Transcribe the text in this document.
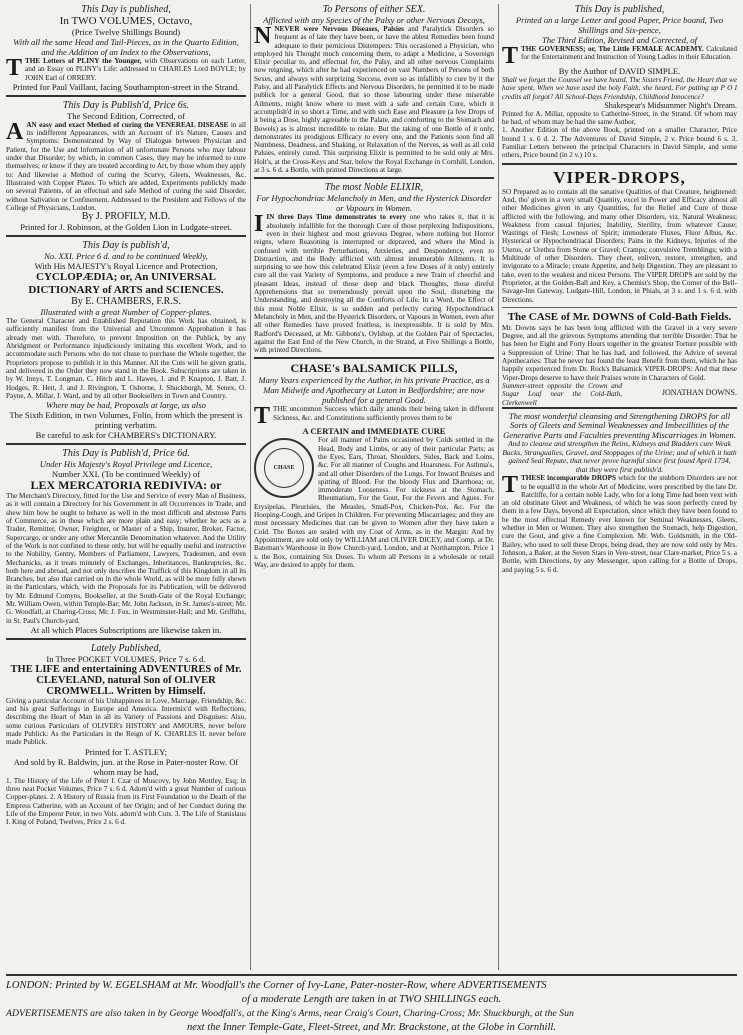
This Day is published,
In TWO VOLUMES, Octavo,
(Price Twelve Shillings Bound)
With all the same Head and Tail-Pieces, as in the Quarto Edition, and the Addition of an Index to the Observations,
T THE Letters of PLINY the Younger, with Observations on each Letter, and an Essay on PLINY's Life: addressed to CHARLES Lord BOYLE; by JOHN Earl of ORRERY.
Printed for Paul Vaillant, facing Southampton-street in the Strand.
This Day is Publish'd, Price 6s.
The Second Edition, Corrected, of
A AN easy and exact Method of curing the VENEREAL DISEASE in all its indifferent Appearances, with an Account of it's Nature, Causes and Symptoms: Demonstrated by Way of Dialogue between Physician and Patient, for the Use and Information of all unfortunate Persons who may labour under that Disorder; by which, in common Cases, they may be informed to cure themselves; or know if they are treated according to Art, by those whom they apply to: And likewise a Method of curing the Scurvy, Gleets, Weaknesses, &c. Illustrated with Copper Plates. To which are added, Experiments publickly made on several Patients, of an effectual and safe Method of curing the said Disorder, without Salivation or Confinement. Addressed to the President and Fellows of the College of Physicians, London.
By J. PROFILY, M.D.
Printed for J. Robinson, at the Golden Lion in Ludgate-street.
This Day is publish'd,
No. XXI. Price 6 d. and to be continued Weekly,
With His MAJESTY's Royal Licence and Protection,
CYCLOPÆDIA; or, An UNIVERSAL DICTIONARY of ARTS and SCIENCES.
By E. CHAMBERS, F.R.S.
Illustrated with a great Number of Copper-plates.
The General Character and Established Reputation this Work has obtained, is sufficiently manifest from the Universal and Uncommon Approbation it has already met with. Therefore, to prevent Imposition on the Publick, by any Abridgment or Performance injudiciously imitating this excellent Work, and to accommodate such Persons who do not chuse to purchase the Whole together, the Proprietors propose to publish it in this Manner. All the Cuts will be given gratis, and delivered in the Order they now stand in the Book. Subscriptions are taken in by W. Innys, T. Longman, C. Hitch and L. Hawes, J. and P. Knapton, J. Batt, J. Hodges, R. Hett, J. and J. Rivington, T. Osborne, J. Shuckburgh, M. Senex, O. Payne, A. Millar, J. Ward, and by all other Booksellers in Town and Country.
Where may be had, Proposals at large, as also
The Sixth Edition, in two Volumes, Folio, from which the present is printing verbatim.
Be careful to ask for CHAMBERS's DICTIONARY.
This Day is Publish'd, Price 6d.
Under His Majesty's Royal Privilege and Licence,
Number XXI. (To be continued Weekly) of
LEX MERCATORIA REDIVIVA: or
The Merchant's Directory, fitted for the Use and Service of every Man of Business, as it will contain a Directory for his Government in all Occurrences in Trade, and shew him how he ought to behave as well in the most difficult and abstruse Parts of Commerce, as in those which are more plain and easy; whether he acts as a Trader, Remitter, Owner, Freighter, or Master of a Ship, Insurer, Broker, Factor, Supercargo, or under any other Mercantile Denomination whatever. And the Utility of the Work is not confined to these only, but will be equally useful and instructive to the Nobility, Gentry, Members of Parliament, Lawyers, Tradesmen, and even Mechanicks, as it treats minutely of Exchanges, Inheritances, Bankruptcies, &c. both here and abroad, and not only describes the Traffick of this Kingdom in all its Branches, but also that carried on in the whole World, as will be more fully shewn in the Particulars, which, with the Proposals for its Publication, will be delivered by Mr. Edmund Comyns, Bookseller, at the South-Gate of the Royal Exchange; Mr. William Owen, within Temple-Bar; Mr. John Jackson, in St. James's-street; Mr. G. Woodfall, at Charing-Cross; Mr. J. Fox, in Westminster-Hall; and Mr. Griffiths, in St. Paul's Church-yard.
At all which Places Subscriptions are likewise taken in.
Lately Published,
In Three POCKET VOLUMES, Price 7 s. 6 d.
THE LIFE and entertaining ADVENTURES of Mr. CLEVELAND, natural Son of OLIVER CROMWELL. Written by Himself.
Giving a particular Account of his Unhappiness in Love, Marriage, Friendship, &c. and his great Sufferings in Europe and America. Intermix'd with Reflections, describing the Heart of Man in all its Variety of Passions and Disguises: Also, some curious Particulars of OLIVER's HISTORY and AMOURS, never before made Publick: As the Particulars in the Reign of K. CHARLES II. never before made Publick.
Printed for T. ASTLEY;
And sold by R. Baldwin, jun. at the Rose in Pater-noster Row. Of whom may be had,
1. The History of the Life of Peter I. Czar of Muscovy, by John Mottley, Esq; in three neat Pocket Volumes, Price 7 s. 6 d. Adorn'd with a great Number of curious Copper-plates. 2. A History of Russia from its First Foundation to the Death of the Empress Catherine, with an Account of her Origin; and of her Conduct during the Life of the Emperor Peter, in two Vols. adorn'd with Cuts. 3. The Life of Stanislaus I. King of Poland, Twelves, Price 2 s. 6 d.
To Persons of either SEX.
Afflicted with any Species of the Palsy or other Nervous Decays,
N NEVER were Nervous Diseases, Palsies and Paralytick Disorders so frequent as of late they have been, or have the ablest Remedies been found adequate to their pernicious Distempers: This occasioned a Physician, who employed his Thought much concerning them, to adapt a Medicine, a Sovereign Elixir peculiar to, and effectual for, the Palsy, and all other nervous Complaints now reigning, which after he had experienced on vast Numbers of Persons of both Sexes, and always with surprizing Success, even so as infallibly to cure by it the Palsy, and all Paralytick Effects and Nervous Disorders, he permitted it to be made publick for a general Good, that so those labouring under these miserable Ailments, might know where to meet with a safe and certain Cure, which it accomplish'd in so short a Time, and with such Ease and Pleasure (a few Drops of it being a Dose, highly agreeable to the Palate, and comforting to the Stomach and Bowels) as is almost incredible to relate. But the taking of one Bottle of it only, demonstrates its prodigious Efficacy to every one, and the Patients soon find all Numbness, Deadness, and Shaking, or Relaxation of the Nerves, as well as all cold Palsies, entirely cured. This surprising Elixir is permitted to be sold only at Mrs. Holt's, at the Cross-Keys and Star, below the Royal Exchange in Cornhill, London, at 3 s. 6 d. a Bottle, with printed Directions at large.
The most Noble ELIXIR,
For Hypochondriac Melancholy in Men, and the Hysterick Disorder or Vapours in Women.
I IN three Days Time demonstrates to every one who takes it, that it is absolutely infallible for the thorough Cure of those perplexing Indispositions, even in their highest and most grievous Degree, where nothing but Horror reigns, where Reasoning is interrupted or depraved, and where the Mind is confused with terrible Perturbations, Anxieties, and Despondency, even to Distraction, and the Body afflicted with almost innumerable Ailments. It is surprising to see how this celebrated Elixir (even a few Doses of it only) entirely cure all the vast Variety of Symptoms, and produce a new Train of cheerful and pleasant Ideas, instead of those deep and black Thoughts, those direful Apprehensions that so tremendously prevail upon the Soul, disturbing the Understanding, and destroying all the Comforts of Life. In a Word, the Effect of this most Noble Elixir, is so sudden and perfectly curing Hypochondriack Melancholy in Men, and the Hysterick Disorders, or Vapours in Women, even after all other Remedies have proved fruitless, is inexpressible. It is sold by Mrs. Radford's Deceased, at Mr. Gibbons's, Oylshop, at the Golden Pair of Spectacles, against the East End of the New Church, in the Strand, at Five Shillings a Bottle, with printed Directions.
CHASE's BALSAMICK PILLS,
Many Years experienced by the Author, in his private Practice, as a Man Midwife and Apothecary at Luton in Bedfordshire; are now published for a general Good.
T THE uncommon Success which daily attends their being taken in different Sickness, &c. and Constitutions sufficiently proves them to be
A CERTAIN and IMMEDIATE CURE
CHASE
For all manner of Pains occasioned by Colds settled in the Head, Body and Limbs, or any of their particular Parts; as the Eyes, Ears, Throat, Shoulders, Sides, Back and Loins, &c. For all manner of Coughs and Hoarsness. For Asthma's, and all other Disorders of the Lungs. For Inward Bruises and spitting of Blood. For the bloody Flux and Diarrhoea; or, immoderate Looseness. For sickness at the Stomach, Rheumatism, For the Gout, For the Fevers and Agues. For Erysipelas, Pleurisies, the Measles, Small-Pox, Chicken-Pox, &c. For the Hooping-Cough, and Gripes in Children. For preventing Miscarriages; and they are most necessary Medicines that can be given to Women after they have taken a Cold. The Boxes are sealed with my Coat of Arms, as in the Margin: And by Appointment, are sold only by WILLIAM and OLIVER DICEY, and Comp. at Dr. Bateman's Warehouse in Bow Church-yard, London, and at Northampton, Price 1 s. the Box, containing Six Doses. To whom all Persons in a wholesale or retail Way, are desired to apply for them.
This Day is published,
Printed on a large Letter and good Paper, Price bound, Two Shillings and Six-pence,
The Third Edition, Revised and Corrected, of
T THE GOVERNESS; or, The Little FEMALE ACADEMY. Calculated for the Entertainment and Instruction of Young Ladies in their Education.
By the Author of DAVID SIMPLE.
Shall we forget the Counsel we have heard, The Sisters Friend, the Heart that we have spent, When we have used the holy Faith, she heard, For putting up P O I credits all forgot? All School-Days Friendship, Childhood Innocence?
Shakespear's Midsummer Night's Dream.
Printed for A. Millar, opposite to Catherine-Street, in the Strand. Of whom may be had, of whom may be had the same Author,
1. Another Edition of the above Book, printed on a smaller Character, Price bound 1 s. 6 d. 2. The Adventures of David Simple, 2 v. Price bound 6 s. 3. Familiar Letters between the principal Characters in David Simple, and some others, Price bound (in 2 v.) 10 s.
VIPER-DROPS,
SO Prepared as to contain all the sanative Qualities of that Creature, heightened: And, tho' given in a very small Quantity, excel in Power and Efficacy almost all other Medicines given in any Quantities, for the Relief and Cure of those afflicted with the following, and many other Disorders, viz. Natural Weakness; Weakness from casual Injuries; Inability, Sterility, from whatever Cause; Wastings of Flesh; Lowness of Spirit; immoderate Fluxes, Fluor Albus, &c. Hysterical or Hypochondriacal Disorders; Pains in the Kidneys, Injuries of the Uterus, or Urethra from Stone or Gravel; Cramps; convulsive Tremblings; with a Multitude of other Disorders. They cheer, enliven, restore, strengthen, and invigorate to a Miracle; create Appetite, and help Digestion. They are pleasant to take, even to the weakest and nicest Persons. The VIPER DROPS are sold by the Proprietor, at the Golden-Ball and Key, a Chemist's Shop, the Corner of the Bell-Savage-Inn Gateway, Ludgate-Hill, London, in Phials, at 3 s. and 1 s. 6 d. with Directions.
The CASE of Mr. DOWNS of Cold-Bath Fields.
Mr. Downs says he has been long afflicted with the Gravel in a very severe Degree, and all the grievous Symptoms attending that terrible Disorder: That he has been for Eight and Forty Hours together in the greatest Torture possible with a Suppression of Urine: That he has had, and followed, the Advice of several Apothecaries: That he never has found the least Benefit from them, which he has happily experienced from Dr. Rock's Balsamick VIPER-DROPS: And that these Viper-Drops deserve to have their Praises wrote in Characters of Gold.
Summer-street opposite the Crown and Sugar Loaf near the Cold-Bath, Clerkenwell
JONATHAN DOWNS.
The most wonderful cleansing and Strengthening DROPS for all Sorts of Gleets and Seminal Weaknesses and Imbecillities of the Generative Parts and Faculties preventing Miscarriages in Women.
And to cleanse and strengthen the Reins, Kidneys and Bladders cure Weak Backs, Strangualies, Gravel, and Stoppages of the Urine; and of which it hath gained Seal Repute, that never prove harmful since first found April 1734, that they were first publish'd.
T THESE incomparable DROPS which for the stubborn Disorders are not to be equall'd in the whole Art of Medicine, were prescribed by the late Dr. Ratcliffe, for a certain noble Lady, who for a long Time had been vext with an old obstinate Gleet and Weakness, of which he was soon perfectly cured by them in a few Days, beyond all Expectation, since which they have been found to be the most effectual Remedy ever known for Seminal Weaknesses, Gleets, whether in Men or Women. They also strengthen the Stomach, help Digestion, cure the Gout, and give a fine Complexion. Mr. Web. Goldsmith, in the Old-Bailey, who used to sell these Drops, being dead, they are now sold only by Mrs. Johnson, a Baker, at the Seven Stars in Vere-street, near Clare-market, Price 5 s. a Bottle, with Directions, by any Messenger, upon calling for a Bottle of Drops, and paying 5 s. 6 d.
LONDON: Printed by W. EGELSHAM at Mr. Woodfall's the Corner of Ivy-Lane, Pater-noster-Row, where ADVERTISEMENTS
of a moderate Length are taken in at TWO SHILLINGS each.
ADVERTISEMENTS are also taken in by George Woodfall's, at the King's Arms, near Craig's Court, Charing-Cross; Mr. Shuckburgh, at the Sun
next the Inner Temple-Gate, Fleet-Street, and Mr. Brackstone, at the Globe in Cornhill.
